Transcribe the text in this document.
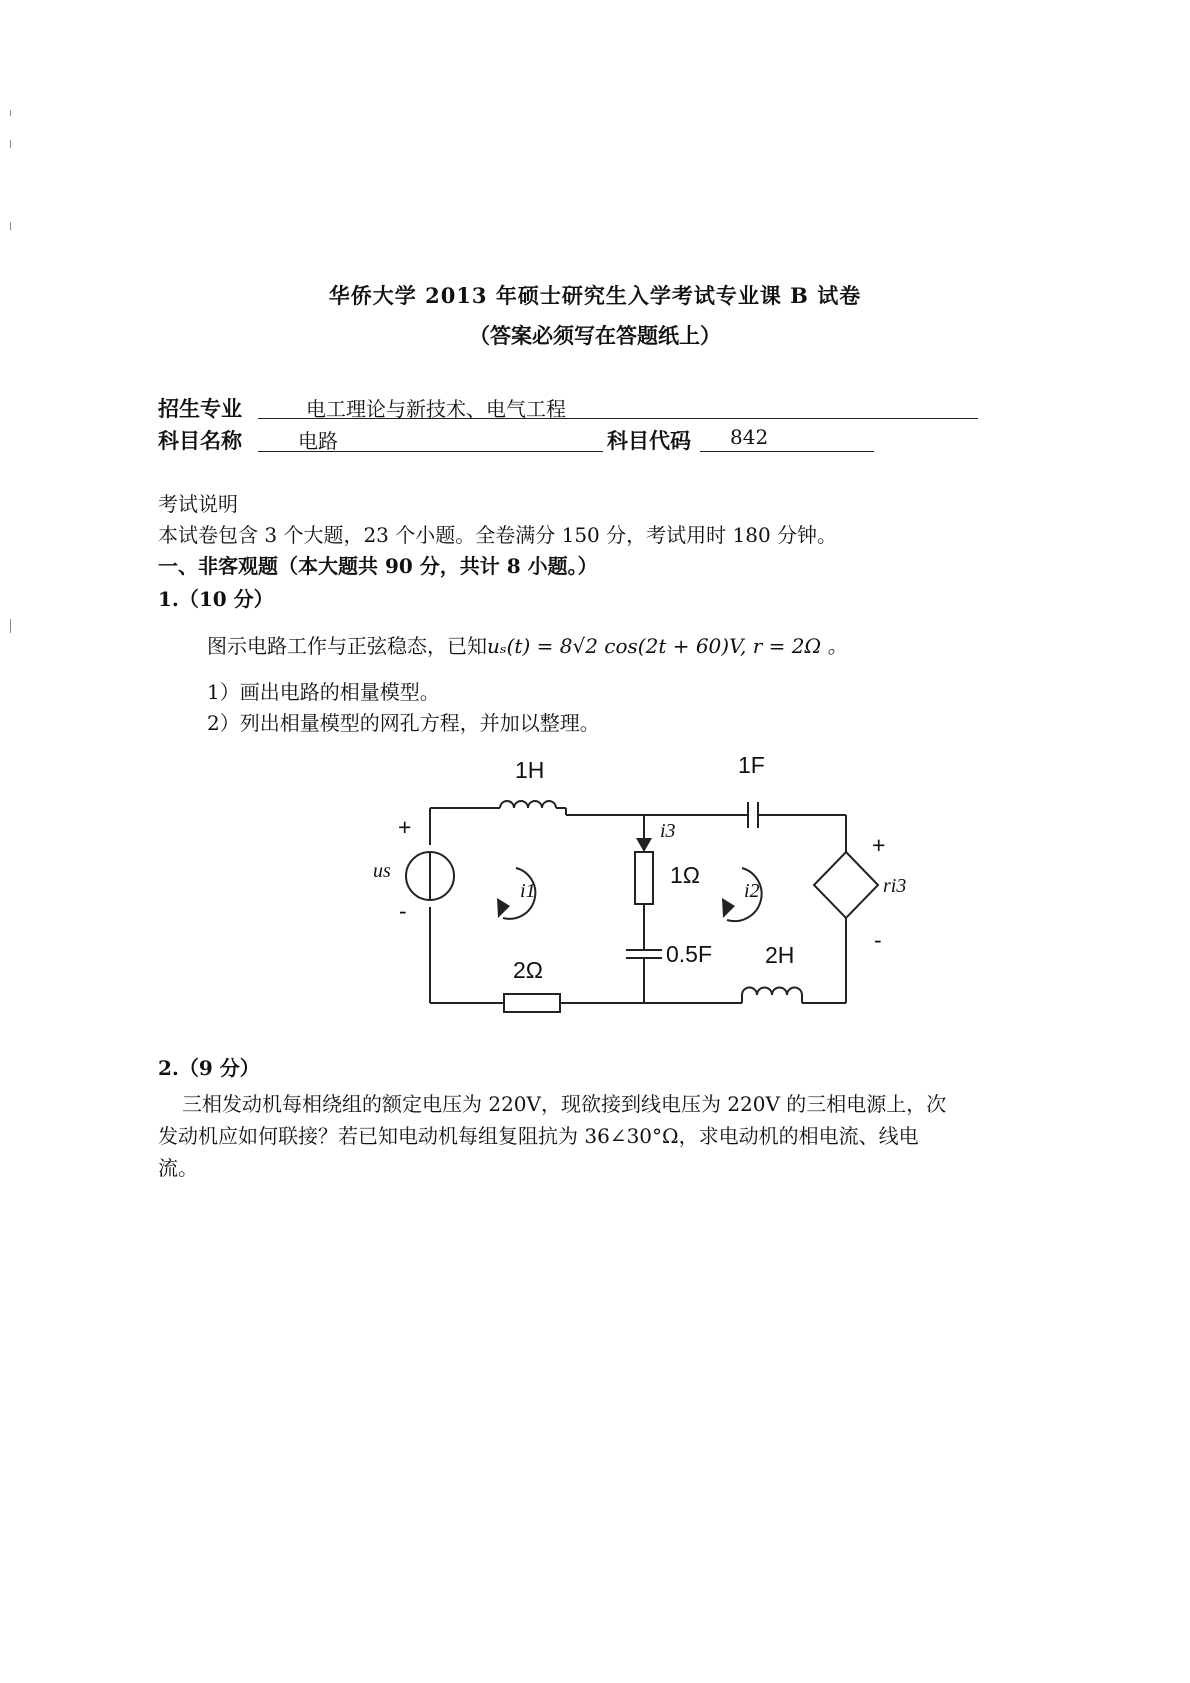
华侨大学 2013 年硕士研究生入学考试专业课 B 试卷
（答案必须写在答题纸上）
招生专业	电工理论与新技术、电气工程
科目名称	电路	科目代码 842
考试说明
本试卷包含 3 个大题，23 个小题。全卷满分 150 分，考试用时 180 分钟。
一、非客观题（本大题共 90 分，共计 8 小题。）
1.（10 分）
图示电路工作与正弦稳态，已知uₛ(t) = 8√2 cos(2t + 60)V, r = 2Ω 。
1）画出电路的相量模型。
2）列出相量模型的网孔方程，并加以整理。
1H	1F
1Ω
0.5F 2H
2Ω
+
-
us
i3
i1	i2
+
-
ri3
2.（9 分）
三相发动机每相绕组的额定电压为 220V，现欲接到线电压为 220V 的三相电源上，次
发动机应如何联接？若已知电动机每组复阻抗为 36∠30°Ω，求电动机的相电流、线电
流。
